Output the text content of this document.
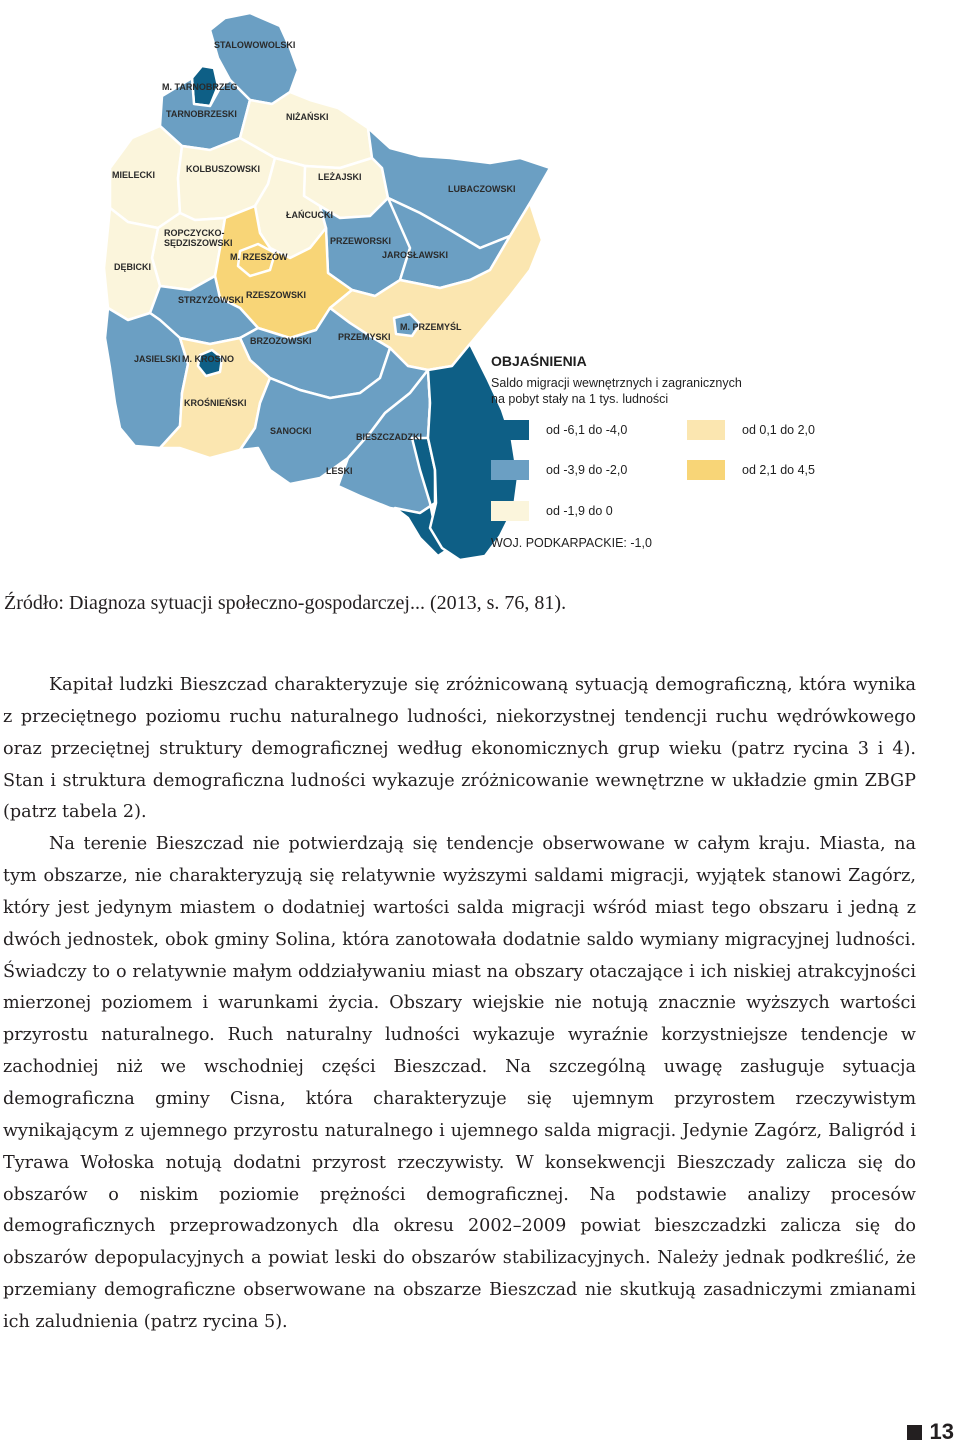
STALOWOWOLSKI
M. TARNOBRZEG
TARNOBRZESKI	NIŻAŃSKI
MIELECKI
KOLBUSZOWSKI
LEŻAJSKI
LUBACZOWSKI
ŁAŃCUCKI
ROPCZYCKO-
SĘDZISZOWSKI	PRZEWORSKI
JAROSŁAWSKI
DĘBICKI
M. RZESZÓW
RZESZOWSKI
STRZYŻOWSKI
M. PRZEMYŚL
PRZEMYSKI
BRZOZOWSKI
JASIELSKI M. KROSNO
KROŚNIEŃSKI
SANOCKI
BIESZCZADZKI
LESKI
OBJAŚNIENIA
Saldo migracji wewnętrznych i zagranicznych
na pobyt stały na 1 tys. ludności
od -6,1 do -4,0	od 0,1 do 2,0
od -3,9 do -2,0	od 2,1 do 4,5
od -1,9 do 0
WOJ. PODKARPACKIE: -1,0
Źródło: Diagnoza sytuacji społeczno-gospodarczej... (2013, s. 76, 81).

Kapitał ludzki Bieszczad charakteryzuje się zróżnicowaną sytuacją demograficzną, która wynika z przeciętnego poziomu ruchu naturalnego ludności, niekorzystnej tendencji ruchu wędrówkowego oraz przeciętnej struktury demograficznej według ekonomicznych grup wieku (patrz rycina 3 i 4). Stan i struktura demograficzna ludności wykazuje zróżnicowanie wewnętrzne w układzie gmin ZBGP (patrz tabela 2).

Na terenie Bieszczad nie potwierdzają się tendencje obserwowane w całym kraju. Miasta, na tym obszarze, nie charakteryzują się relatywnie wyższymi saldami migracji, wyjątek stanowi Zagórz, który jest jedynym miastem o dodatniej wartości salda migracji wśród miast tego obszaru i jedną z dwóch jednostek, obok gminy Solina, która zanotowała dodatnie saldo wymiany migracyjnej ludności. Świadczy to o relatywnie małym oddziaływaniu miast na obszary otaczające i ich niskiej atrakcyjności mierzonej poziomem i warunkami życia. Obszary wiejskie nie notują znacznie wyższych wartości przyrostu naturalnego. Ruch naturalny ludności wykazuje wyraźnie korzystniejsze tendencje w zachodniej niż we wschodniej części Bieszczad. Na szczególną uwagę zasługuje sytuacja demograficzna gminy Cisna, która charakteryzuje się ujemnym przyrostem rzeczywistym wynikającym z ujemnego przyrostu naturalnego i ujemnego salda migracji. Jedynie Zagórz, Baligród i Tyrawa Wołoska notują dodatni przyrost rzeczywisty. W konsekwencji Bieszczady zalicza się do obszarów o niskim poziomie prężności demograficznej. Na podstawie analizy procesów demograficznych przeprowadzonych dla okresu 2002–2009 powiat bieszczadzki zalicza się do obszarów depopulacyjnych a powiat leski do obszarów stabilizacyjnych. Należy jednak podkreślić, że przemiany demograficzne obserwowane na obszarze Bieszczad nie skutkują zasadniczymi zmianami ich zaludnienia (patrz rycina 5).

13
